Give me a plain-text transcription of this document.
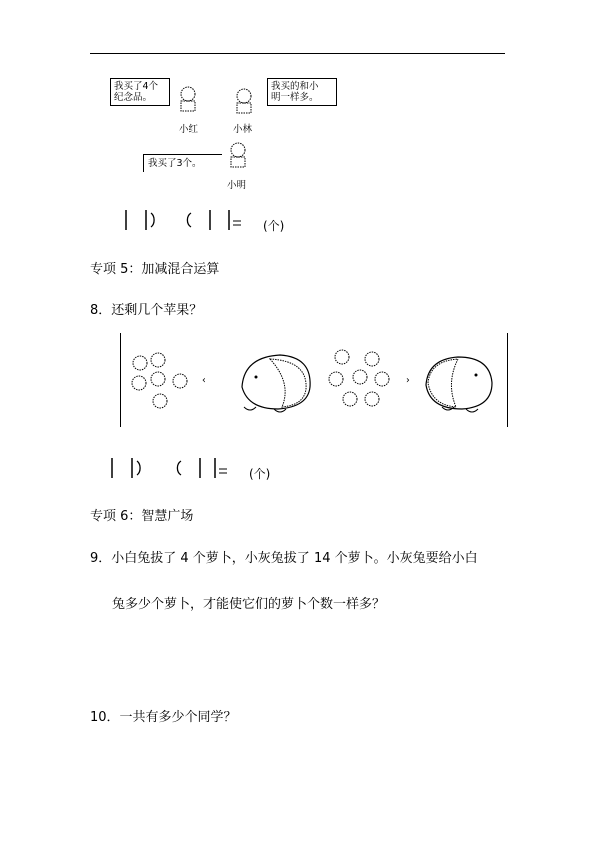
我买了4个
纪念品。
小红	小林
我买的和小
明一样多。
我买了3个。
小明
(个)
专项 5：加减混合运算
8．还剩几个苹果？
‹	›
(个)
专项 6：智慧广场
9．小白兔拔了 4 个萝卜，小灰兔拔了 14 个萝卜。小灰兔要给小白
兔多少个萝卜，才能使它们的萝卜个数一样多？
10．一共有多少个同学？
